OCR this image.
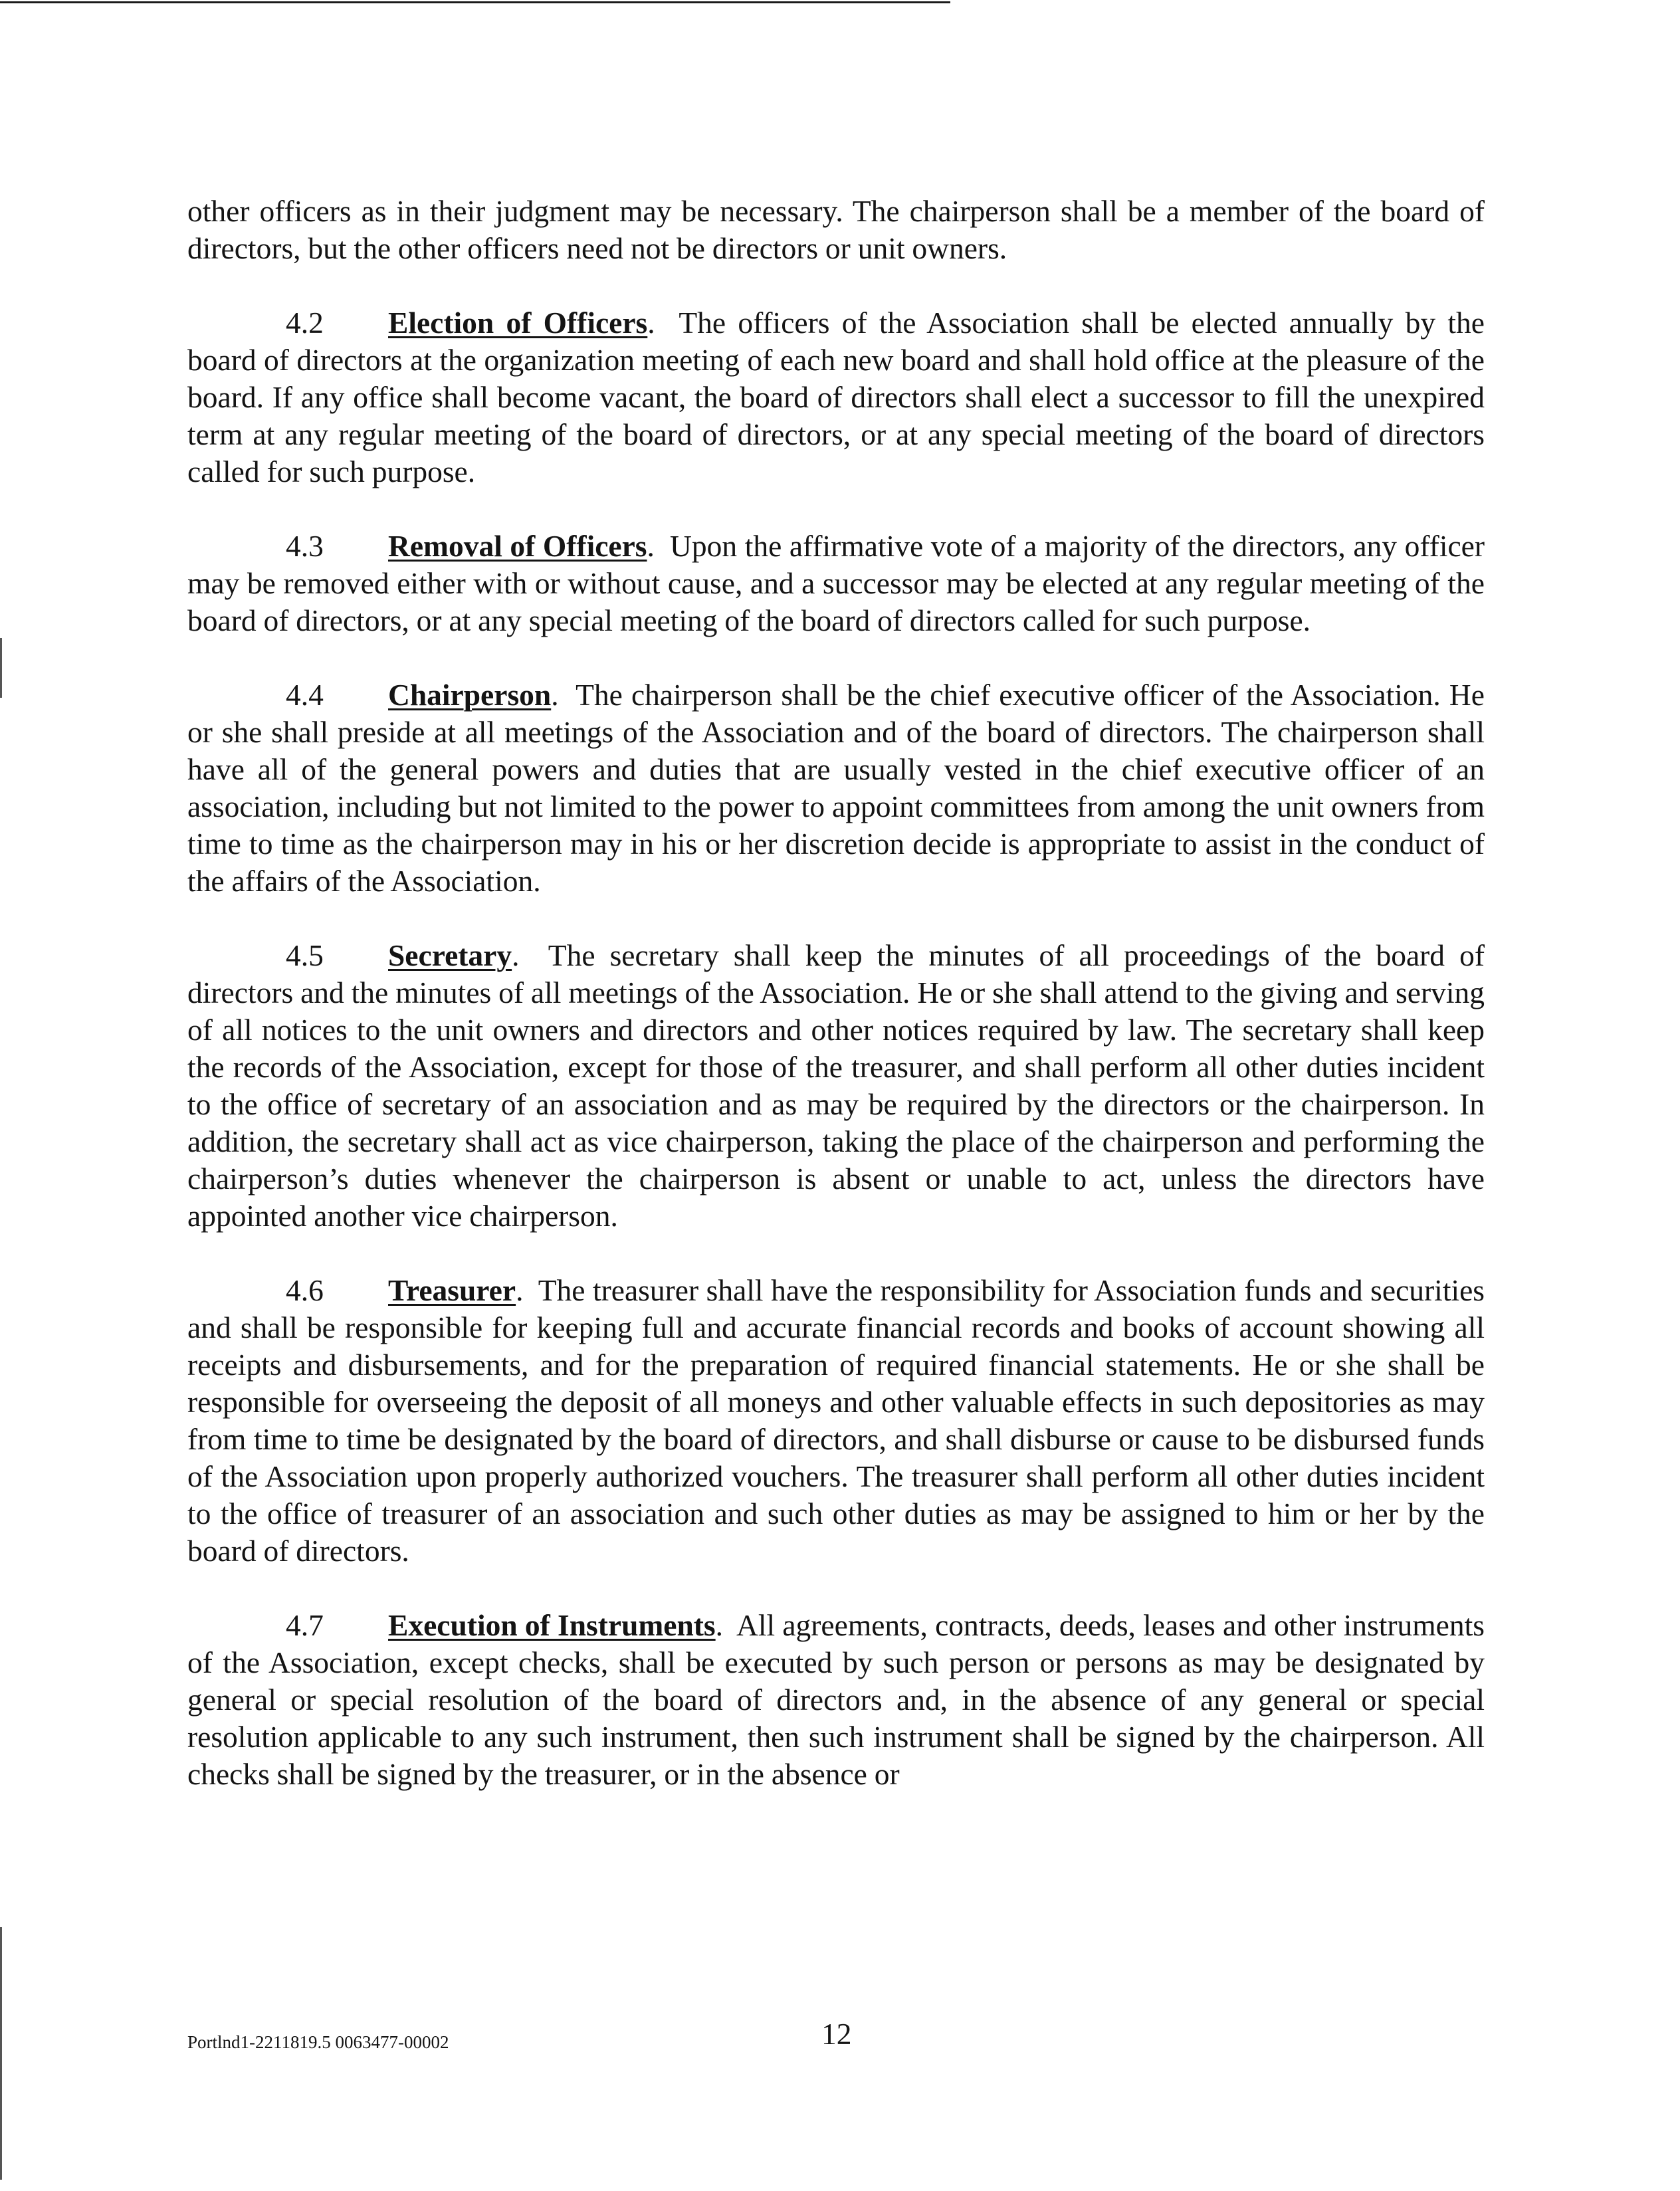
other officers as in their judgment may be necessary. The chairperson shall be a member of the board of directors, but the other officers need not be directors or unit owners.

4.2 Election of Officers.  The officers of the Association shall be elected annually by the board of directors at the organization meeting of each new board and shall hold office at the pleasure of the board. If any office shall become vacant, the board of directors shall elect a successor to fill the unexpired term at any regular meeting of the board of directors, or at any special meeting of the board of directors called for such purpose.

4.3 Removal of Officers.  Upon the affirmative vote of a majority of the directors, any officer may be removed either with or without cause, and a successor may be elected at any regular meeting of the board of directors, or at any special meeting of the board of directors called for such purpose.

4.4 Chairperson.  The chairperson shall be the chief executive officer of the Association. He or she shall preside at all meetings of the Association and of the board of directors. The chairperson shall have all of the general powers and duties that are usually vested in the chief executive officer of an association, including but not limited to the power to appoint committees from among the unit owners from time to time as the chairperson may in his or her discretion decide is appropriate to assist in the conduct of the affairs of the Association.

4.5 Secretary.  The secretary shall keep the minutes of all proceedings of the board of directors and the minutes of all meetings of the Association. He or she shall attend to the giving and serving of all notices to the unit owners and directors and other notices required by law. The secretary shall keep the records of the Association, except for those of the treasurer, and shall perform all other duties incident to the office of secretary of an association and as may be required by the directors or the chairperson. In addition, the secretary shall act as vice chairperson, taking the place of the chairperson and performing the chairperson’s duties whenever the chairperson is absent or unable to act, unless the directors have appointed another vice chairperson.

4.6 Treasurer.  The treasurer shall have the responsibility for Association funds and securities and shall be responsible for keeping full and accurate financial records and books of account showing all receipts and disbursements, and for the preparation of required financial statements. He or she shall be responsible for overseeing the deposit of all moneys and other valuable effects in such depositories as may from time to time be designated by the board of directors, and shall disburse or cause to be disbursed funds of the Association upon properly authorized vouchers. The treasurer shall perform all other duties incident to the office of treasurer of an association and such other duties as may be assigned to him or her by the board of directors.

4.7 Execution of Instruments.  All agreements, contracts, deeds, leases and other instruments of the Association, except checks, shall be executed by such person or persons as may be designated by general or special resolution of the board of directors and, in the absence of any general or special resolution applicable to any such instrument, then such instrument shall be signed by the chairperson. All checks shall be signed by the treasurer, or in the absence or

Portlnd1-2211819.5 0063477-00002	12
